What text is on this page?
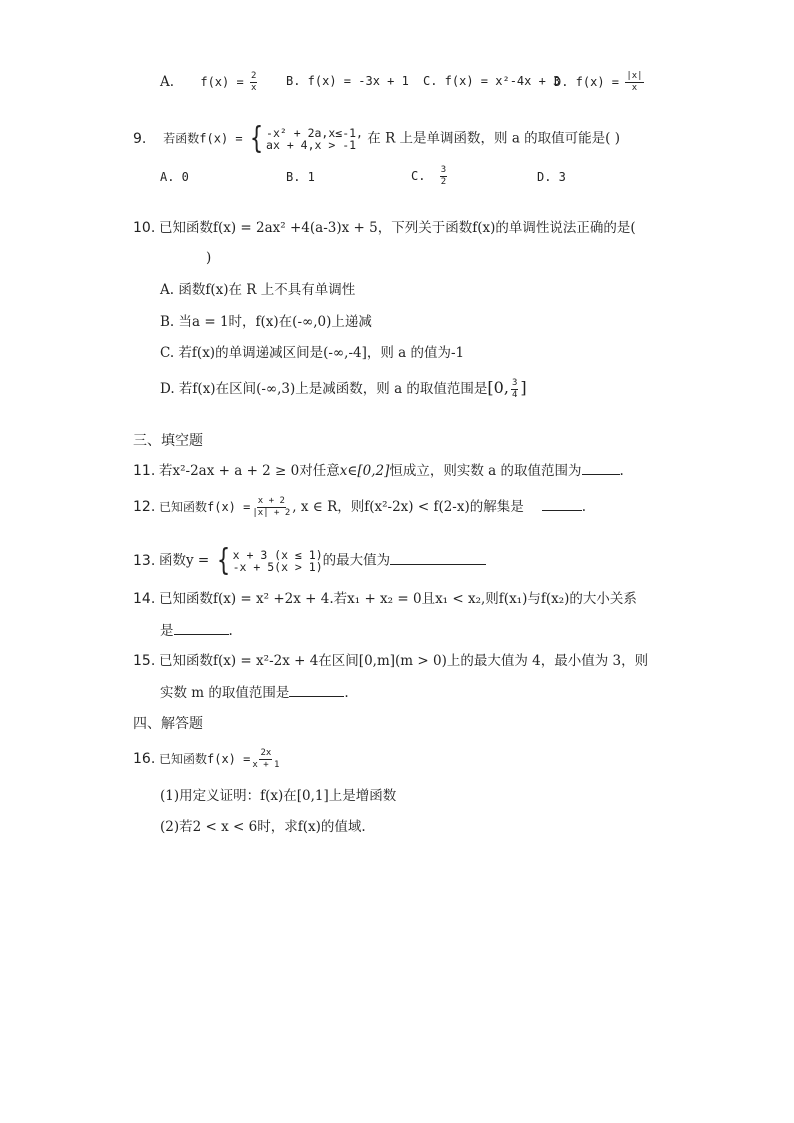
A. $f(x) = \frac{2}{x} B$. f(x) = -3x + 1 C. f(x) = x²-4x + 3
D. $f(x) = \frac{|x|}{x}$
9. 若函数f(x) = { -x² + 2a,x≤-1,
ax + 4,x > -1 在 R 上是单调函数，则 a 的取值可能是( )
A. 0	B. 1	C. $\frac{3}{2}$	D. 3
10. 已知函数f(x) = 2ax² +4(a-3)x + 5，下列关于函数f(x)的单调性说法正确的是(
)
A. 函数f(x)在 R 上不具有单调性
B. 当a = 1时，f(x)在(-∞,0)上递减
C. 若f(x)的单调递减区间是(-∞,-4]，则 a 的值为-1
D. 若f(x)在区间(-∞,3)上是减函数，则 a 的取值范围是[0, $\frac{3}{4}$ ]
三、填空题
11. 若x²-2ax + a + 2 ≥ 0对任意x∈[0,2]恒成立，则实数 a 的取值范围为	.
12. 已知函数$f(x) = \frac{x + 2}{|x| + 2}$ , x ∈ R，则f(x²-2x) < f(2-x)的解集是	.
13. 函数y = { x + 3 (x ≤ 1)
-x + 5(x > 1) 的最大值为
14. 已知函数f(x) = x² +2x + 4.若x₁ + x₂ = 0且x₁ < x₂,则f(x₁)与f(x₂)的大小关系
是	.
15. 已知函数f(x) = x²-2x + 4在区间[0,m](m > 0)上的最大值为 4，最小值为 3，则
实数 m 的取值范围是	.
四、解答题
16. 已知函数$f(x) = \frac{2x}{x + 1}$
(1)用定义证明：f(x)在[0,1]上是增函数
(2)若2 < x < 6时，求f(x)的值域.
